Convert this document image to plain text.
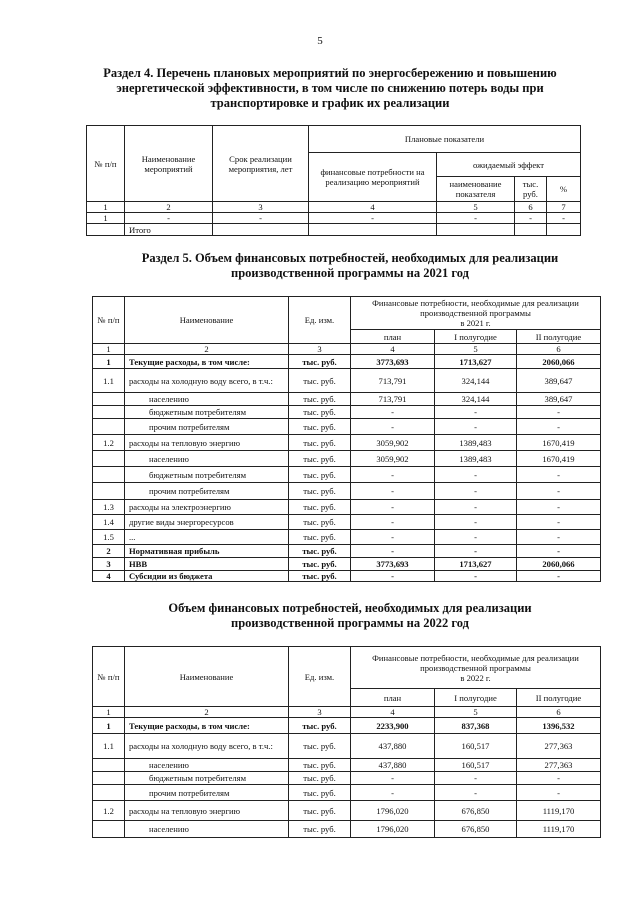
5
Раздел 4. Перечень плановых мероприятий по энергосбережению и повышению
энергетической эффективности, в том числе по снижению потерь воды при
транспортировке и график их реализации
№ п/п	Наименование мероприятий	Срок реализации мероприятия, лет	Плановые показатели			
			финансовые потребности на реализацию мероприятий	ожидаемый эффект		
				наименование показателя	тыс. руб.	%
1	2	3	4	5	6	7
1	-	-	-	-	-	-
	Итого					
Раздел 5. Объем финансовых потребностей, необходимых для реализации
производственной программы на 2021 год
№ п/п	Наименование	Ед. изм.	Финансовые потребности, необходимые для реализации производственной программы
в 2021 г.		
			план	I полугодие	II полугодие
1	2	3	4	5	6
1	Текущие расходы, в том числе:	тыс. руб.	3773,693	1713,627	2060,066
1.1	расходы на холодную воду всего, в т.ч.:	тыс. руб.	713,791	324,144	389,647
	населению	тыс. руб.	713,791	324,144	389,647
	бюджетным потребителям	тыс. руб.	-	-	-
	прочим потребителям	тыс. руб.	-	-	-
1.2	расходы на тепловую энергию	тыс. руб.	3059,902	1389,483	1670,419
	населению	тыс. руб.	3059,902	1389,483	1670,419
	бюджетным потребителям	тыс. руб.	-	-	-
	прочим потребителям	тыс. руб.	-	-	-
1.3	расходы на электроэнергию	тыс. руб.	-	-	-
1.4	другие виды энергоресурсов	тыс. руб.	-	-	-
1.5	...	тыс. руб.	-	-	-
2	Нормативная прибыль	тыс. руб.	-	-	-
3	НВВ	тыс. руб.	3773,693	1713,627	2060,066
4	Субсидии из бюджета	тыс. руб.	-	-	-
Объем финансовых потребностей, необходимых для реализации
производственной программы на 2022 год
№ п/п	Наименование	Ед. изм.	Финансовые потребности, необходимые для реализации производственной программы
в 2022 г.		
			план	I полугодие	II полугодие
1	2	3	4	5	6
1	Текущие расходы, в том числе:	тыс. руб.	2233,900	837,368	1396,532
1.1	расходы на холодную воду всего, в т.ч.:	тыс. руб.	437,880	160,517	277,363
	населению	тыс. руб.	437,880	160,517	277,363
	бюджетным потребителям	тыс. руб.	-	-	-
	прочим потребителям	тыс. руб.	-	-	-
1.2	расходы на тепловую энергию	тыс. руб.	1796,020	676,850	1119,170
	населению	тыс. руб.	1796,020	676,850	1119,170
